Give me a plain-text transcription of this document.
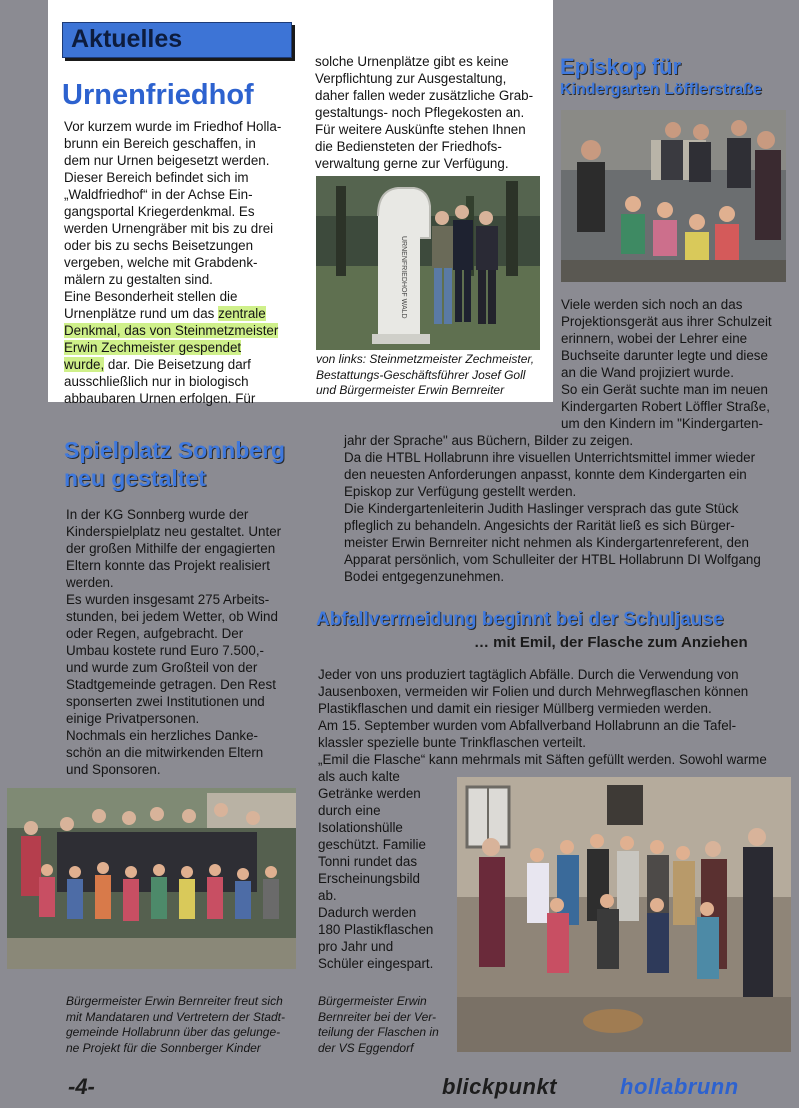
Aktuelles
Urnenfriedhof

Vor kurzem wurde im Friedhof Holla-

brunn ein Bereich geschaffen, in

dem nur Urnen beigesetzt werden.

Dieser Bereich befindet sich im

„Waldfriedhof“ in der Achse Ein-

gangsportal Kriegerdenkmal. Es

werden Urnengräber mit bis zu drei

oder bis zu sechs Beisetzungen

vergeben, welche mit Grabdenk-

mälern zu gestalten sind.

Eine Besonderheit stellen die

Urnenplätze rund um das zentrale

Denkmal, das von Steinmetzmeister

Erwin Zechmeister gespendet

wurde, dar. Die Beisetzung darf

ausschließlich nur in biologisch

abbaubaren Urnen erfolgen. Für

solche Urnenplätze gibt es keine

Verpflichtung zur Ausgestaltung,

daher fallen weder zusätzliche Grab-

gestaltungs- noch Pflegekosten an.

Für weitere Auskünfte stehen Ihnen

die Bediensteten der Friedhofs-

verwaltung gerne zur Verfügung.

URNENFRIEDHOF WALD
von links: Steinmetzmeister Zechmeister,
Bestattungs-Geschäftsführer Josef Goll
und Bürgermeister Erwin Bernreiter
Episkop für
Kindergarten Löfflerstraße

Viele werden sich noch an das

Projektionsgerät aus ihrer Schulzeit

erinnern, wobei der Lehrer eine

Buchseite darunter legte und diese

an die Wand projiziert wurde.

So ein Gerät suchte man im neuen

Kindergarten Robert Löffler Straße,

um den Kindern im "Kindergarten-

jahr der Sprache" aus Büchern, Bilder zu zeigen.

Da die HTBL Hollabrunn ihre visuellen Unterrichtsmittel immer wieder

den neuesten Anforderungen anpasst, konnte dem Kindergarten ein

Episkop zur Verfügung gestellt werden.

Die Kindergartenleiterin Judith Haslinger versprach das gute Stück

pfleglich zu behandeln. Angesichts der Rarität ließ es sich Bürger-

meister Erwin Bernreiter nicht nehmen als Kindergartenreferent, den

Apparat persönlich, vom Schulleiter der HTBL Hollabrunn DI Wolfgang

Bodei entgegenzunehmen.

Spielplatz Sonnberg
neu gestaltet

In der KG Sonnberg wurde der

Kinderspielplatz neu gestaltet. Unter

der großen Mithilfe der engagierten

Eltern konnte das Projekt realisiert

werden.

Es wurden insgesamt 275 Arbeits-

stunden, bei jedem Wetter, ob Wind

oder Regen, aufgebracht. Der

Umbau kostete rund Euro 7.500,-

und wurde zum Großteil von der

Stadtgemeinde getragen. Den Rest

sponserten zwei Institutionen und

einige Privatpersonen.

Nochmals ein herzliches Danke-

schön an die mitwirkenden Eltern

und Sponsoren.

Bürgermeister Erwin Bernreiter freut sich
mit Mandataren und Vertretern der Stadt-
gemeinde Hollabrunn über das gelunge-
ne Projekt für die Sonnberger Kinder
Abfallvermeidung beginnt bei der Schuljause
… mit Emil, der Flasche zum Anziehen

Jeder von uns produziert tagtäglich Abfälle. Durch die Verwendung von

Jausenboxen, vermeiden wir Folien und durch Mehrwegflaschen können

Plastikflaschen und damit ein riesiger Müllberg vermieden werden.

Am 15. September wurden vom Abfallverband Hollabrunn an die Tafel-

klassler spezielle bunte Trinkflaschen verteilt.

„Emil die Flasche“ kann mehrmals mit Säften gefüllt werden. Sowohl warme

als auch kalte

Getränke werden

durch eine

Isolationshülle

geschützt. Familie

Tonni rundet das

Erscheinungsbild

ab.

Dadurch werden

180 Plastikflaschen

pro Jahr und

Schüler eingespart.

Bürgermeister Erwin
Bernreiter bei der Ver-
teilung der Flaschen in
der VS Eggendorf
-4-	blickpunkt	hollabrunn
